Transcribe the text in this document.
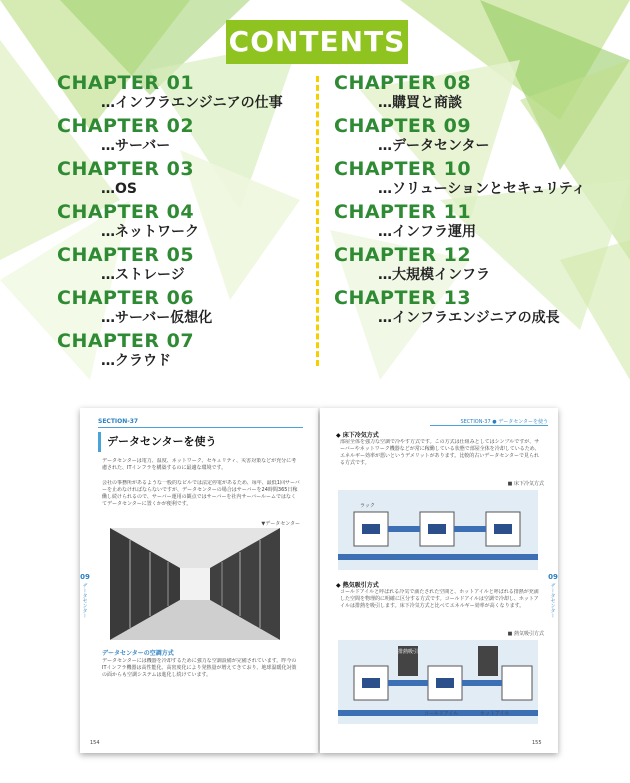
CONTENTS
CHAPTER 01
…インフラエンジニアの仕事
CHAPTER 02
…サーバー
CHAPTER 03
…OS
CHAPTER 04
…ネットワーク
CHAPTER 05
…ストレージ
CHAPTER 06
…サーバー仮想化
CHAPTER 07
…クラウド
CHAPTER 08
…購買と商談
CHAPTER 09
…データセンター
CHAPTER 10
…ソリューションとセキュリティ
CHAPTER 11
…インフラ運用
CHAPTER 12
…大規模インフラ
CHAPTER 13
…インフラエンジニアの成長
SECTION-37
データセンターを使う
データセンターは電力、温度、ネットワーク、セキュリティ、災害対策などが充分に考慮された、ITインフラを構築するのに最適な環境です。
会社の事務所があるような一般的なビルでは法定停電があるため、毎年、最低1回サーバーを止めなければならないですが、データセンターの場合はサーバーを24時間365日稼働し続けられるので、サーバー運用の観点ではサーバーを社内サーバールームではなくてデータセンターに置くかが便利です。
▼データセンター
データセンターの空調方式
データセンターには機器を冷却するために強力な空調設備が完備されています。昨今のITインフラ機器は高性能化、高密度化により発熱量が増えてきており、地球温暖化対策の面からも空調システムは進化し続けています。
09
データセンター
154
SECTION-37 ● データセンターを使う
◆ 床下冷気方式
部屋全体を強力な空調で冷やす方式です。この方式は仕組みとしてはシンプルですが、サーバーやネットワーク機器などが常に稼働している状態で部屋全体を冷却しているため、エネルギー効率が悪いというデメリットがあります。比較的古いデータセンターで見られる方式です。
■ 床下冷気方式
ラック
◆ 熱気吸引方式
コールドアイルと呼ばれる冷気で満たされた空間と、ホットアイルと呼ばれる排熱が充満した空間を物理的に明確に区分する方式です。コールドアイルは空調で冷却し、ホットアイルは排熱を吸引します。床下冷気方式と比べてエネルギー効率が高くなります。
■ 熱気吸引方式
排熱吸引
コールドアイル	ホットアイル
09
データセンター
155
